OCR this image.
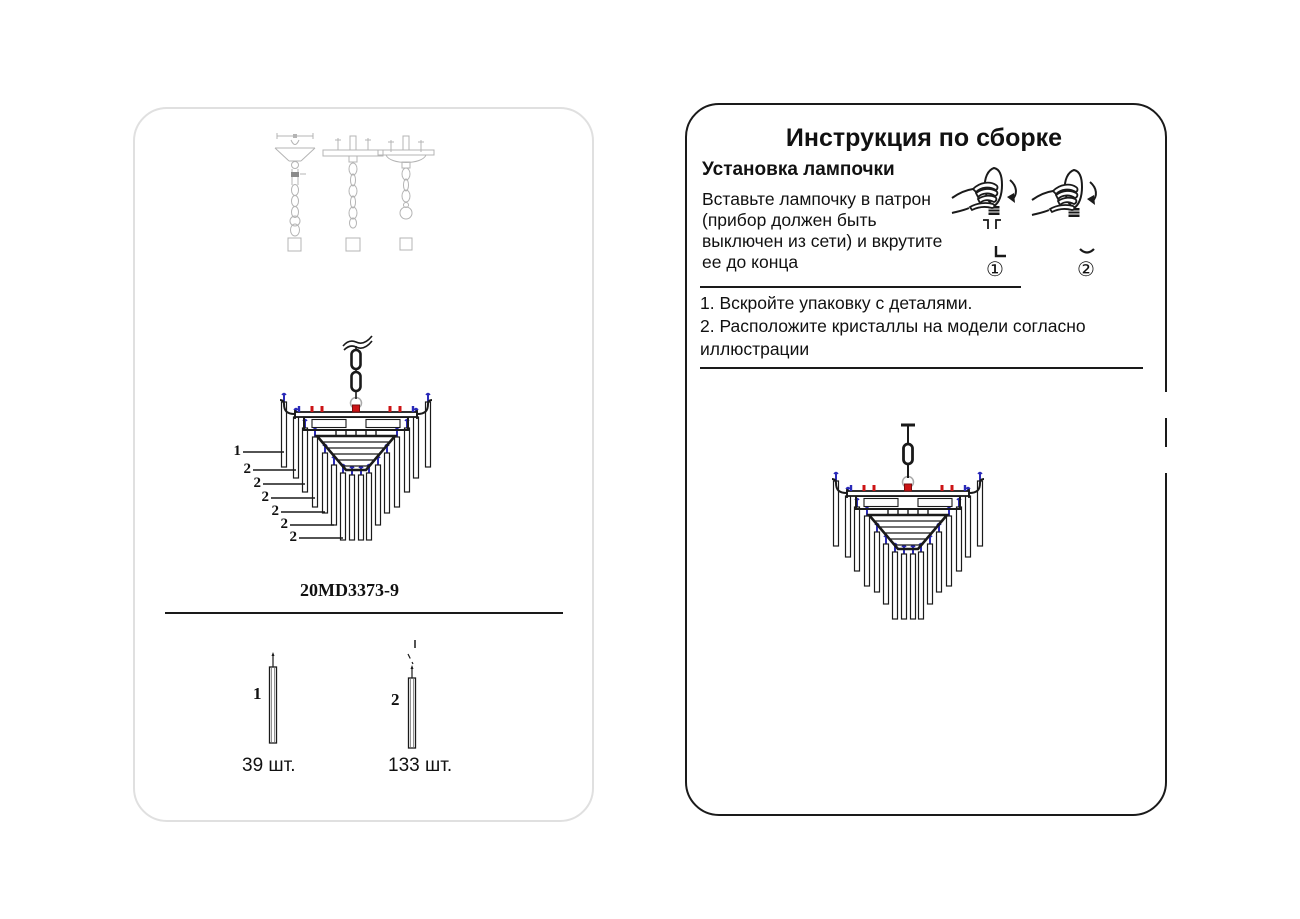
1
2
2
2
2
2
2
20MD3373-9
1
39 шт.
2
133 шт.
Инструкция по сборке
Установка лампочки
Вставьте лампочку в патрон
(прибор должен быть
выключен из сети) и вкрутите
ее до конца	①	②
1. Вскройте упаковку с деталями.
2. Расположите кристаллы на модели согласно
иллюстрации
